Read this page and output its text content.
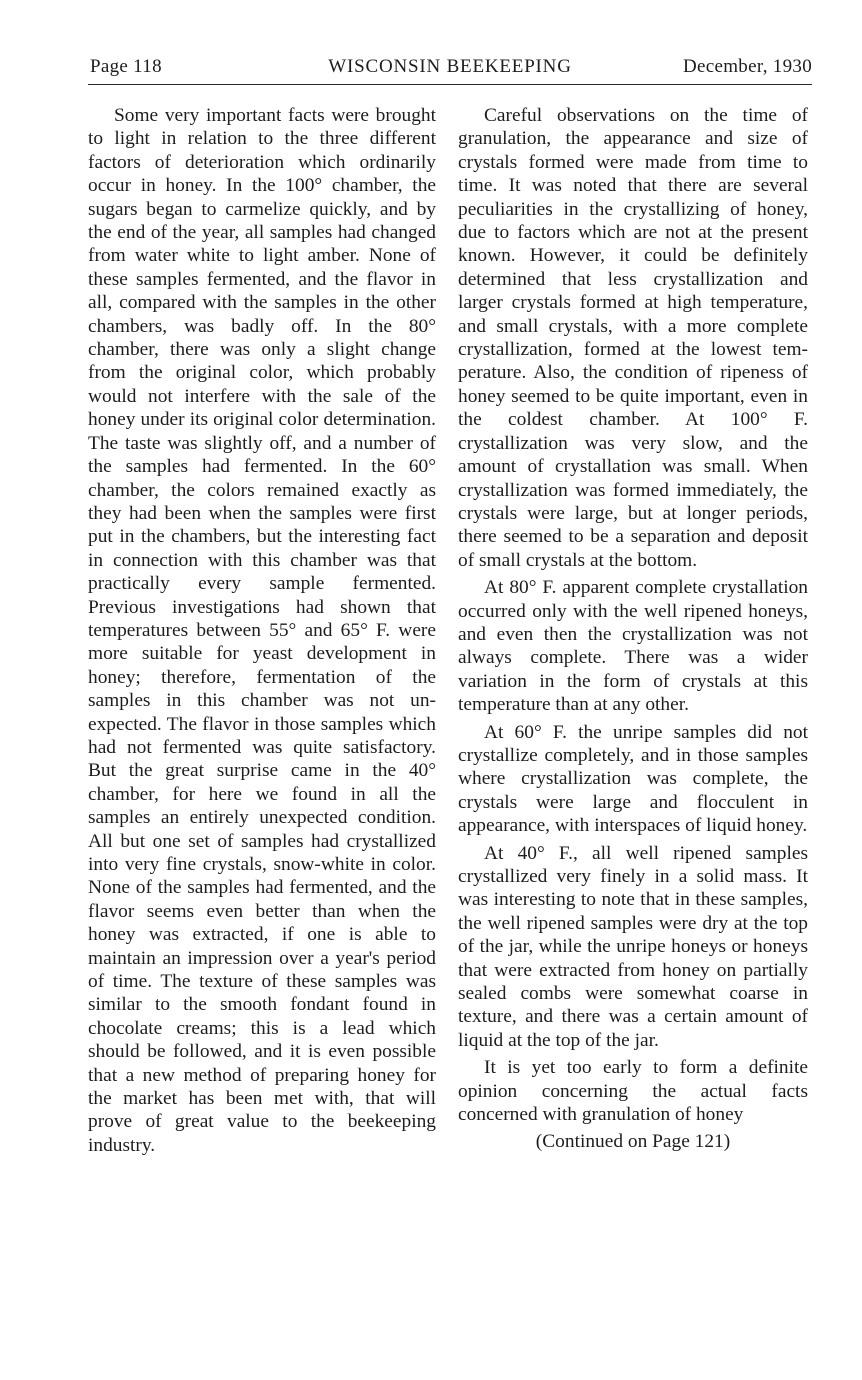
Page 118	WISCONSIN BEEKEEPING	December, 1930

Some very important facts were brought to light in relation to the three different factors of deterioration which ordinarily occur in honey. In the 100° chamber, the sugars began to carmelize quickly, and by the end of the year, all samples had changed from water white to light amber. None of these samples fermented, and the flavor in all, compared with the samples in the other chambers, was badly off. In the 80° chamber, there was only a slight change from the original color, which probably would not interfere with the sale of the honey under its original color determination. The taste was slightly off, and a number of the samples had fermented. In the 60° chamber, the colors remained exactly as they had been when the samples were first put in the chambers, but the interesting fact in connection with this chamber was that practically every sample fermented. Previous investigations had shown that temperatures between 55° and 65° F. were more suitable for yeast development in honey; therefore, fermentation of the samples in this chamber was not unexpected. The flavor in those samples which had not fermented was quite satisfactory. But the great surprise came in the 40° chamber, for here we found in all the samples an entirely unexpected condition. All but one set of samples had crystallized into very fine crystals, snow-white in color. None of the samples had fermented, and the flavor seems even better than when the honey was extracted, if one is able to maintain an impression over a year's period of time. The texture of these samples was similar to the smooth fondant found in chocolate creams; this is a lead which should be followed, and it is even possible that a new method of preparing honey for the market has been met with, that will prove of great value to the beekeeping industry.

Careful observations on the time of granulation, the appearance and size of crystals formed were made from time to time. It was noted that there are several peculiarities in the crystallizing of honey, due to factors which are not at the present known. However, it could be definitely determined that less crystallization and larger crystals formed at high temperature, and small crystals, with a more complete crystallization, formed at the lowest temperature. Also, the condition of ripeness of honey seemed to be quite important, even in the coldest chamber. At 100° F. crystallization was very slow, and the amount of crystallation was small. When crystallization was formed immediately, the crystals were large, but at longer periods, there seemed to be a separation and deposit of small crystals at the bottom.

At 80° F. apparent complete crystallation occurred only with the well ripened honeys, and even then the crystallization was not always complete. There was a wider variation in the form of crystals at this temperature than at any other.

At 60° F. the unripe samples did not crystallize completely, and in those samples where crystallization was complete, the crystals were large and flocculent in appearance, with interspaces of liquid honey.

At 40° F., all well ripened samples crystallized very finely in a solid mass. It was interesting to note that in these samples, the well ripened samples were dry at the top of the jar, while the unripe honeys or honeys that were extracted from honey on partially sealed combs were somewhat coarse in texture, and there was a certain amount of liquid at the top of the jar.

It is yet too early to form a definite opinion concerning the actual facts concerned with granulation of honey

(Continued on Page 121)
